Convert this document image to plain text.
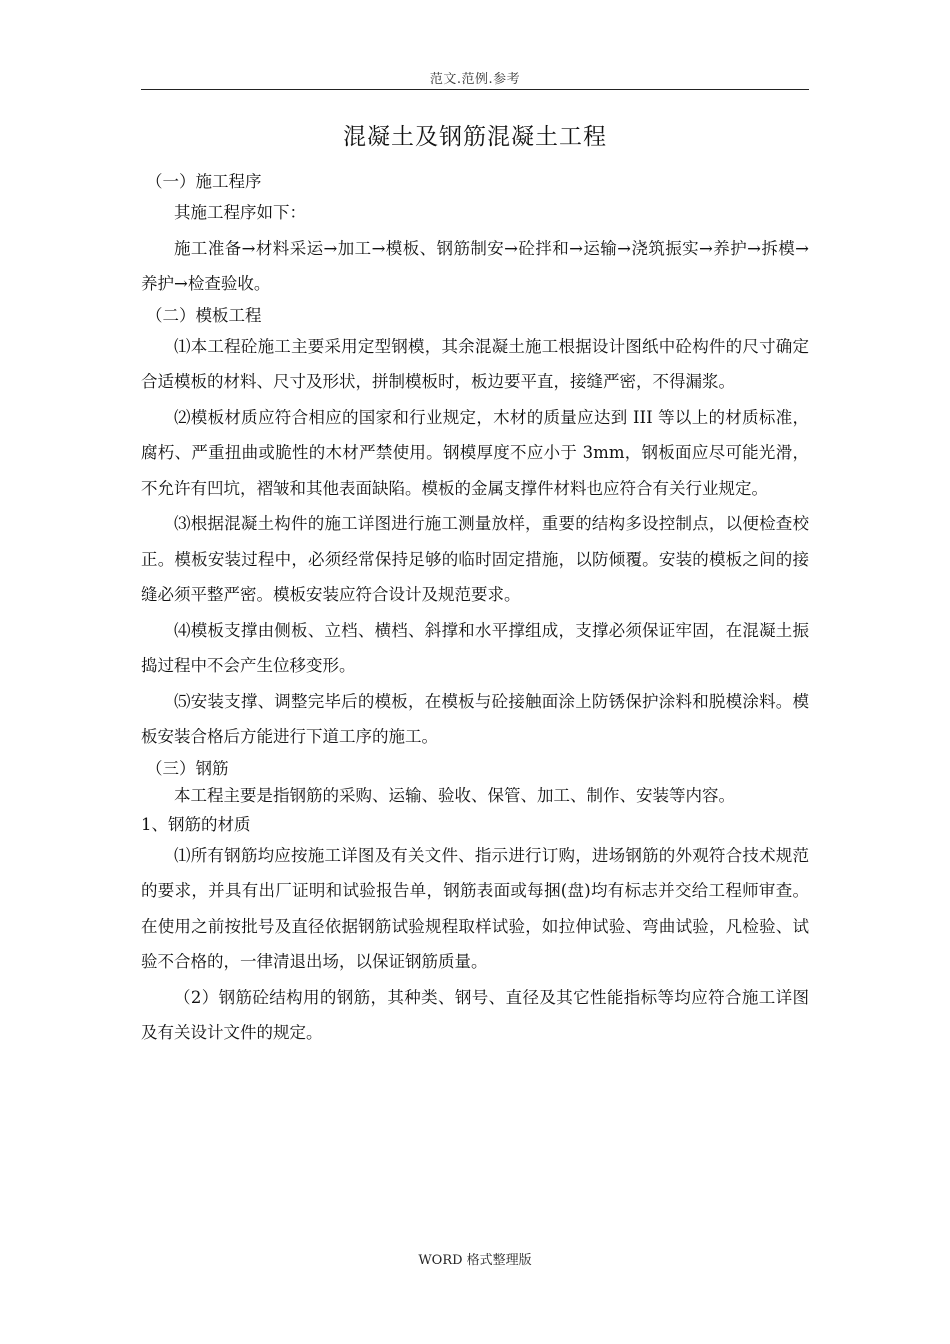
范文.范例.参考
混凝土及钢筋混凝土工程

（一）施工程序

其施工程序如下：

施工准备→材料采运→加工→模板、钢筋制安→砼拌和→运输→浇筑振实→养护→拆模→养护→检查验收。

（二）模板工程

⑴本工程砼施工主要采用定型钢模，其余混凝土施工根据设计图纸中砼构件的尺寸确定合适模板的材料、尺寸及形状，拼制模板时，板边要平直，接缝严密，不得漏浆。

⑵模板材质应符合相应的国家和行业规定，木材的质量应达到 III 等以上的材质标准，腐朽、严重扭曲或脆性的木材严禁使用。钢模厚度不应小于 3mm，钢板面应尽可能光滑，不允许有凹坑，褶皱和其他表面缺陷。模板的金属支撑件材料也应符合有关行业规定。

⑶根据混凝土构件的施工详图进行施工测量放样，重要的结构多设控制点，以便检查校正。模板安装过程中，必须经常保持足够的临时固定措施，以防倾覆。安装的模板之间的接缝必须平整严密。模板安装应符合设计及规范要求。

⑷模板支撑由侧板、立档、横档、斜撑和水平撑组成，支撑必须保证牢固，在混凝土振捣过程中不会产生位移变形。

⑸安装支撑、调整完毕后的模板，在模板与砼接触面涂上防锈保护涂料和脱模涂料。模板安装合格后方能进行下道工序的施工。

（三）钢筋

本工程主要是指钢筋的采购、运输、验收、保管、加工、制作、安装等内容。

1、钢筋的材质

⑴所有钢筋均应按施工详图及有关文件、指示进行订购，进场钢筋的外观符合技术规范的要求，并具有出厂证明和试验报告单，钢筋表面或每捆(盘)均有标志并交给工程师审查。在使用之前按批号及直径依据钢筋试验规程取样试验，如拉伸试验、弯曲试验，凡检验、试验不合格的，一律清退出场，以保证钢筋质量。

（2）钢筋砼结构用的钢筋，其种类、钢号、直径及其它性能指标等均应符合施工详图及有关设计文件的规定。

WORD 格式整理版
